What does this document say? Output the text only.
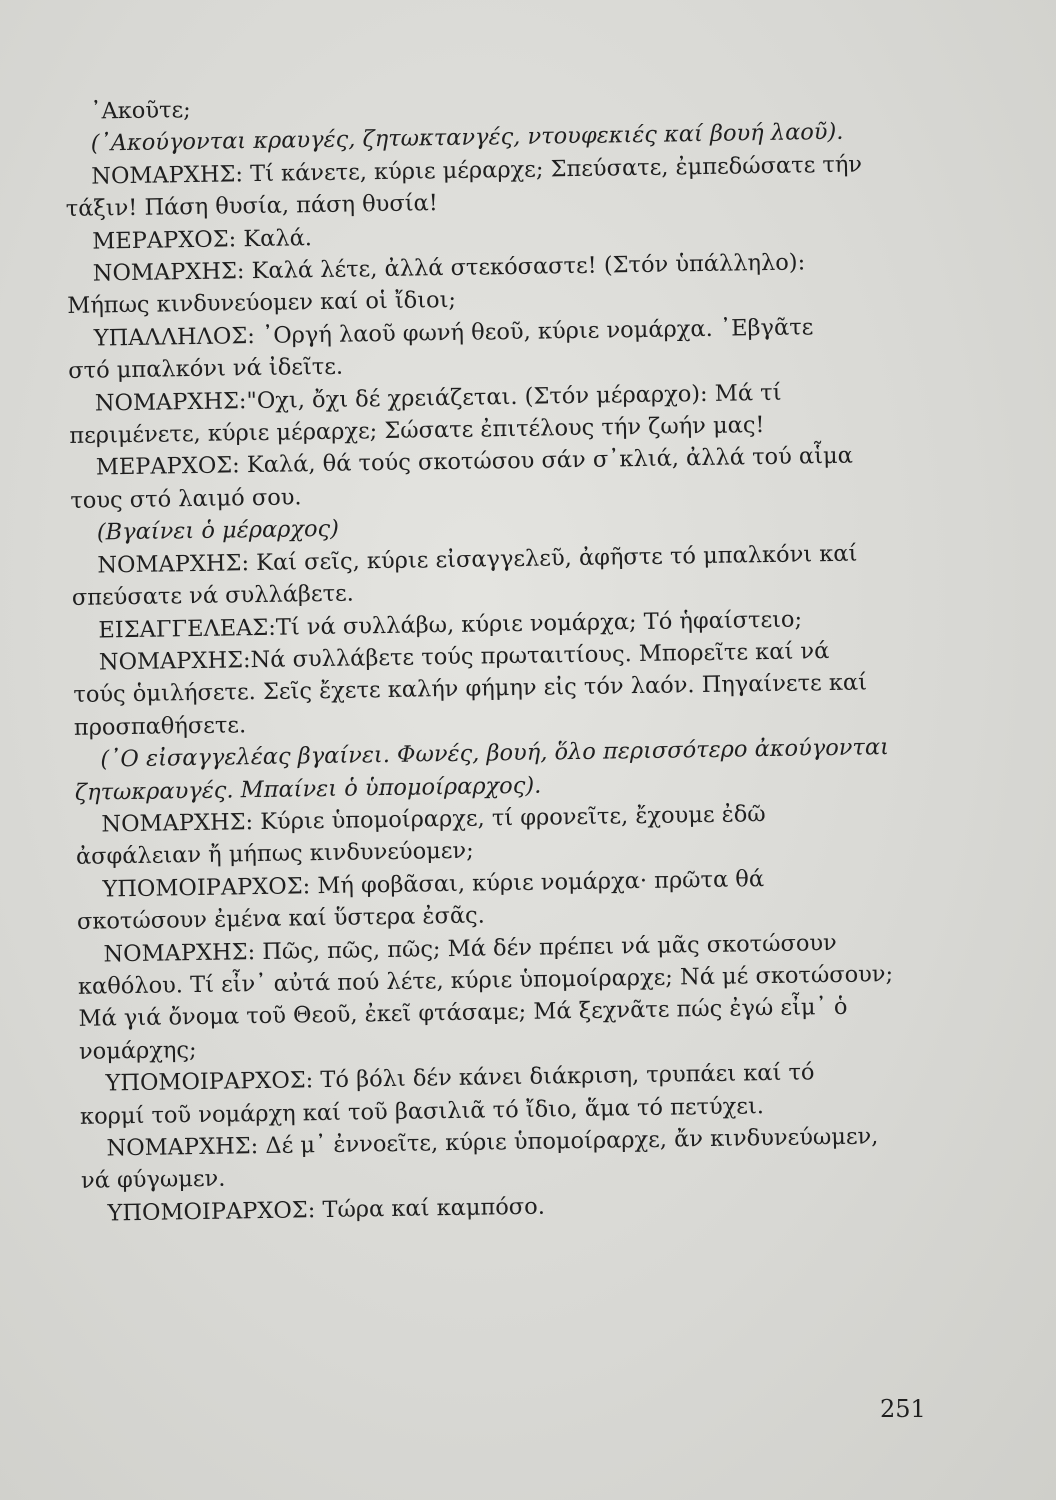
᾿Ακοῦτε;

(᾿Ακούγονται κραυγές, ζητωκτανγές, ντουφεκιές καί βουή λαοῦ).

ΝΟΜΑΡΧΗΣ: Τί κάνετε, κύριε μέραρχε; Σπεύσατε, ἐμπεδώσατε τήν

τάξιν! Πάση θυσία, πάση θυσία!

ΜΕΡΑΡΧΟΣ: Καλά.

ΝΟΜΑΡΧΗΣ: Καλά λέτε, ἀλλά στεκόσαστε! (Στόν ὑπάλληλο):

Μήπως κινδυνεύομεν καί οἱ ἴδιοι;

ΥΠΑΛΛΗΛΟΣ: ᾿Οργή λαοῦ φωνή θεοῦ, κύριε νομάρχα. ᾿Εβγᾶτε

στό μπαλκόνι νά ἰδεῖτε.

ΝΟΜΑΡΧΗΣ:"Οχι, ὄχι δέ χρειάζεται. (Στόν μέραρχο): Μά τί

περιμένετε, κύριε μέραρχε; Σώσατε ἐπιτέλους τήν ζωήν μας!

ΜΕΡΑΡΧΟΣ: Καλά, θά τούς σκοτώσου σάν σ᾿κλιά, ἀλλά τού αἷμα

τους στό λαιμό σου.

(Βγαίνει ὁ μέραρχος)

ΝΟΜΑΡΧΗΣ: Καί σεῖς, κύριε εἰσαγγελεῦ, ἀφῆστε τό μπαλκόνι καί

σπεύσατε νά συλλάβετε.

ΕΙΣΑΓΓΕΛΕΑΣ:Τί νά συλλάβω, κύριε νομάρχα; Τό ἡφαίστειο;

ΝΟΜΑΡΧΗΣ:Νά συλλάβετε τούς πρωταιτίους. Μπορεῖτε καί νά

τούς ὁμιλήσετε. Σεῖς ἔχετε καλήν φήμην εἰς τόν λαόν. Πηγαίνετε καί

προσπαθήσετε.

(᾿Ο εἰσαγγελέας βγαίνει. Φωνές, βουή, ὅλο περισσότερο ἀκούγονται

ζητωκραυγές. Μπαίνει ὁ ὑπομοίραρχος).

ΝΟΜΑΡΧΗΣ: Κύριε ὑπομοίραρχε, τί φρονεῖτε, ἔχουμε ἐδῶ

ἀσφάλειαν ἤ μήπως κινδυνεύομεν;

ΥΠΟΜΟΙΡΑΡΧΟΣ: Μή φοβᾶσαι, κύριε νομάρχα· πρῶτα θά

σκοτώσουν ἐμένα καί ὕστερα ἐσᾶς.

ΝΟΜΑΡΧΗΣ: Πῶς, πῶς, πῶς; Μά δέν πρέπει νά μᾶς σκοτώσουν

καθόλου. Τί εἶν᾿ αὐτά πού λέτε, κύριε ὑπομοίραρχε; Νά μέ σκοτώσουν;

Μά γιά ὄνομα τοῦ Θεοῦ, ἐκεῖ φτάσαμε; Μά ξεχνᾶτε πώς ἐγώ εἶμ᾿ ὁ

νομάρχης;

ΥΠΟΜΟΙΡΑΡΧΟΣ: Τό βόλι δέν κάνει διάκριση, τρυπάει καί τό

κορμί τοῦ νομάρχη καί τοῦ βασιλιᾶ τό ἴδιο, ἅμα τό πετύχει.

ΝΟΜΑΡΧΗΣ: Δέ μ᾿ ἐννοεῖτε, κύριε ὑπομοίραρχε, ἄν κινδυνεύωμεν,

νά φύγωμεν.

ΥΠΟΜΟΙΡΑΡΧΟΣ: Τώρα καί καμπόσο.

251
